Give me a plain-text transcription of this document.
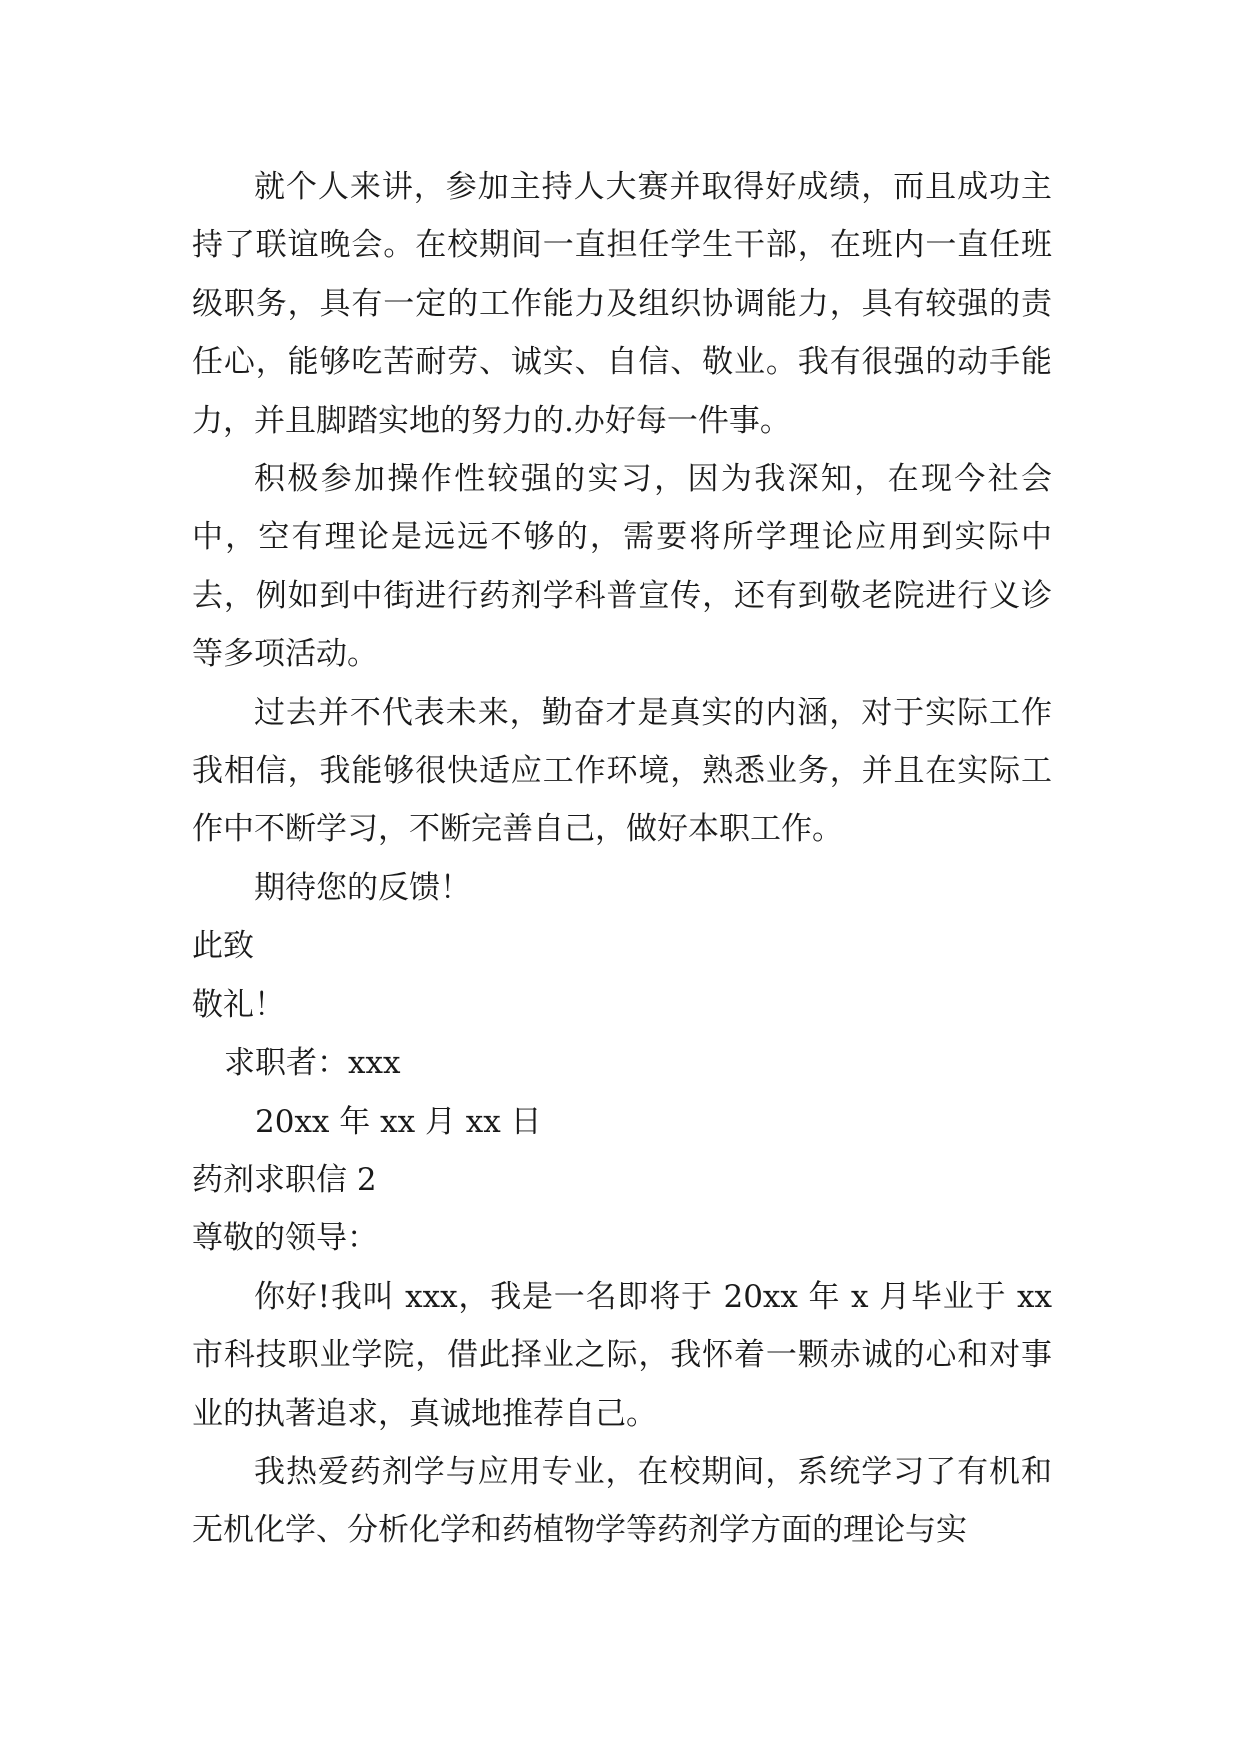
就个人来讲，参加主持人大赛并取得好成绩，而且成功主持了联谊晚会。在校期间一直担任学生干部，在班内一直任班级职务，具有一定的工作能力及组织协调能力，具有较强的责任心，能够吃苦耐劳、诚实、自信、敬业。我有很强的动手能力，并且脚踏实地的努力的.办好每一件事。

积极参加操作性较强的实习，因为我深知，在现今社会中，空有理论是远远不够的，需要将所学理论应用到实际中去，例如到中街进行药剂学科普宣传，还有到敬老院进行义诊等多项活动。

过去并不代表未来，勤奋才是真实的内涵，对于实际工作我相信，我能够很快适应工作环境，熟悉业务，并且在实际工作中不断学习，不断完善自己，做好本职工作。

期待您的反馈！

此致

敬礼！

求职者：xxx

20xx 年 xx 月 xx 日

药剂求职信 2

尊敬的领导：

你好!我叫 xxx，我是一名即将于 20xx 年 x 月毕业于 xx 市科技职业学院，借此择业之际，我怀着一颗赤诚的心和对事业的执著追求，真诚地推荐自己。

我热爱药剂学与应用专业，在校期间，系统学习了有机和无机化学、分析化学和药植物学等药剂学方面的理论与实
